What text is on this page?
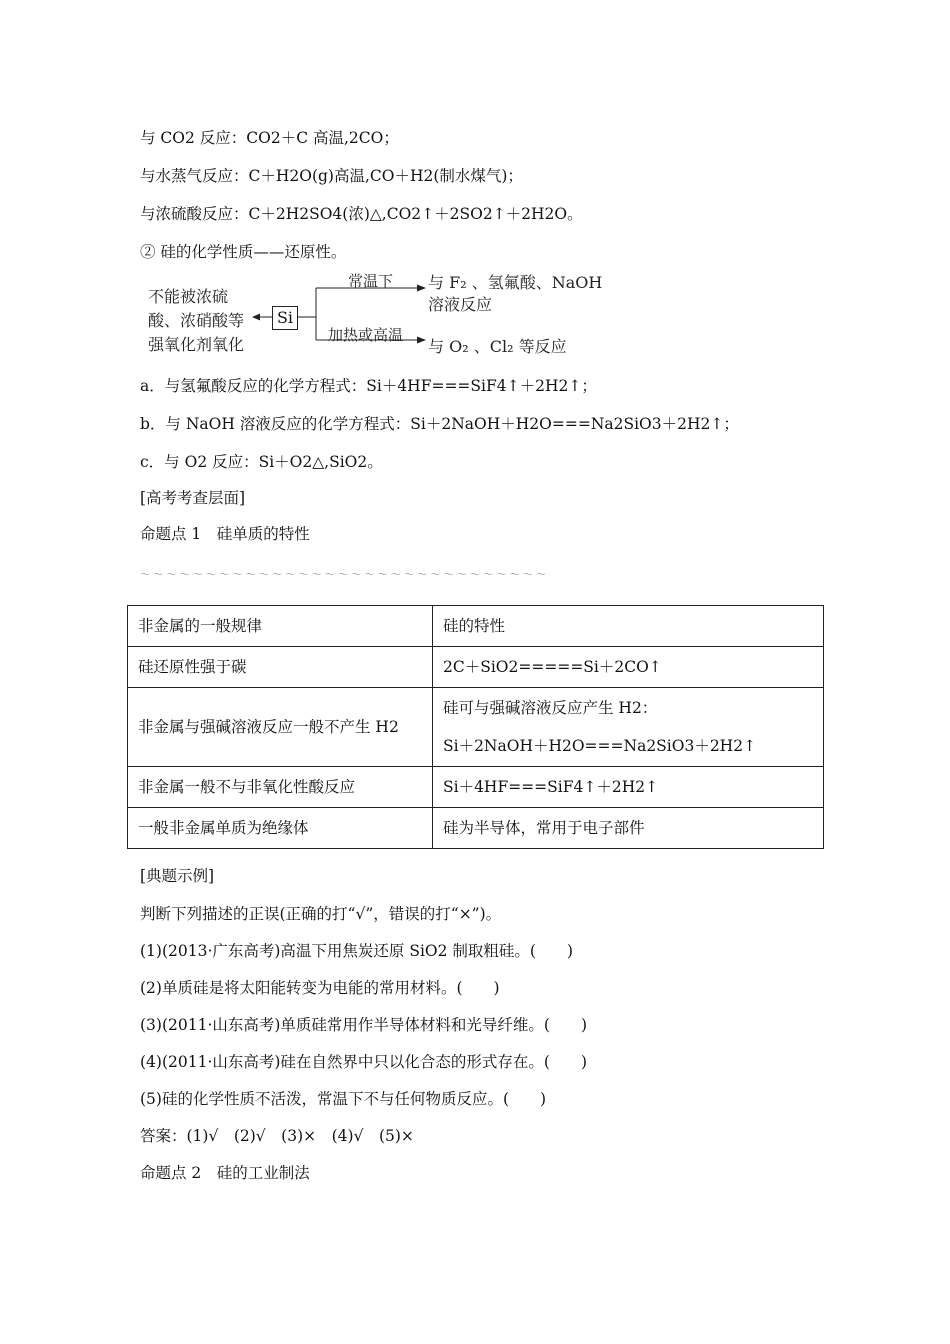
与 CO2 反应：CO2＋C 高温,2CO；
与水蒸气反应：C＋H2O(g)高温,CO＋H2(制水煤气)；
与浓硫酸反应：C＋2H2SO4(浓)△,CO2↑＋2SO2↑＋2H2O。
② 硅的化学性质——还原性。
不能被浓硫
酸、浓硝酸等
强氧化剂氧化
Si
常温下 与 F₂ 、氢氟酸、NaOH
溶液反应
加热或高温
与 O₂ 、Cl₂ 等反应
a．与氢氟酸反应的化学方程式：Si＋4HF===SiF4↑＋2H2↑；
b．与 NaOH 溶液反应的化学方程式：Si＋2NaOH＋H2O===Na2SiO3＋2H2↑；
c．与 O2 反应：Si＋O2△,SiO2。
[高考考查层面]
命题点 1　硅单质的特性
～～～～～～～～～～～～～～～～～～～～～～～～～～～～～～～
非金属的一般规律	硅的特性
硅还原性强于碳	2C＋SiO2=====Si＋2CO↑
非金属与强碱溶液反应一般不产生 H2	硅可与强碱溶液反应产生 H2：
Si＋2NaOH＋H2O===Na2SiO3＋2H2↑

非金属一般不与非氧化性酸反应	Si＋4HF===SiF4↑＋2H2↑
一般非金属单质为绝缘体	硅为半导体，常用于电子部件
[典题示例]
判断下列描述的正误(正确的打“√”，错误的打“×”)。
(1)(2013·广东高考)高温下用焦炭还原 SiO2 制取粗硅。(　　)
(2)单质硅是将太阳能转变为电能的常用材料。(　　)
(3)(2011·山东高考)单质硅常用作半导体材料和光导纤维。(　　)
(4)(2011·山东高考)硅在自然界中只以化合态的形式存在。(　　)
(5)硅的化学性质不活泼，常温下不与任何物质反应。(　　)
答案：(1)√　(2)√　(3)×　(4)√　(5)×
命题点 2　硅的工业制法
